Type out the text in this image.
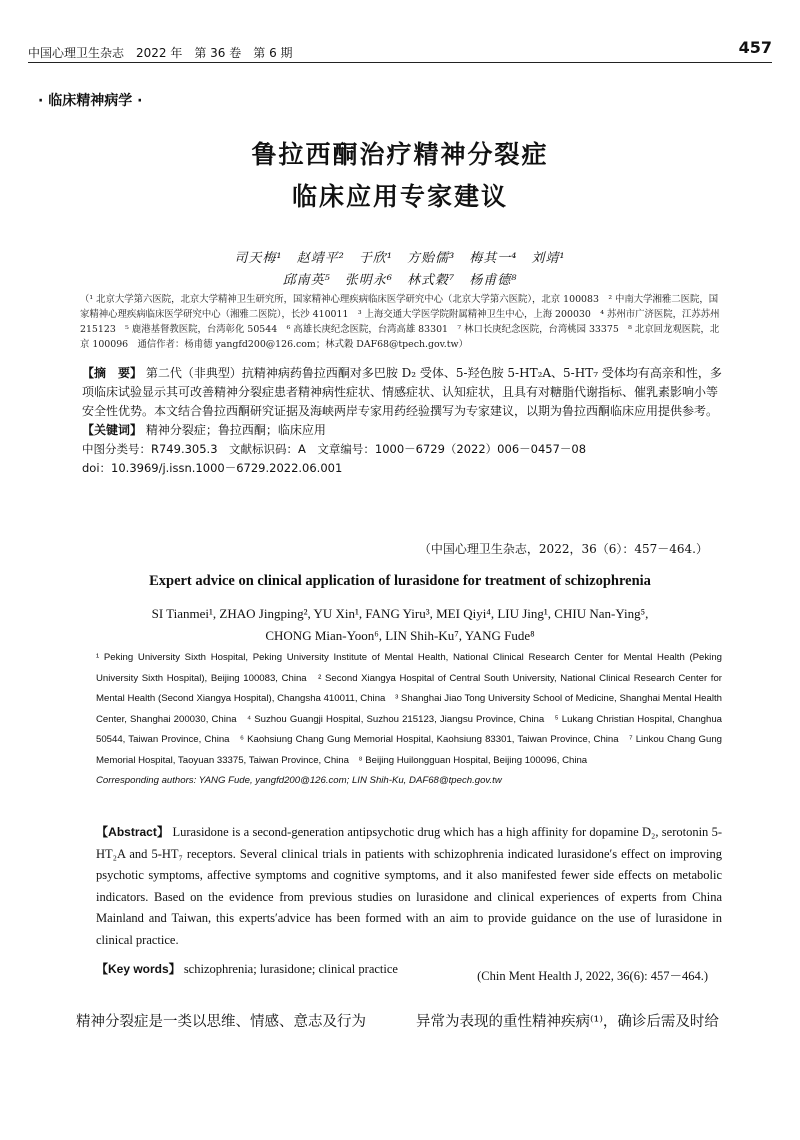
中国心理卫生杂志　2022 年　第 36 卷　第 6 期	457
· 临床精神病学 ·
鲁拉西酮治疗精神分裂症
临床应用专家建议
司天梅¹　赵靖平²　于欣¹　方贻儒³　梅其一⁴　刘靖¹
邱南英⁵　张明永⁶　林式穀⁷　杨甫德⁸
（¹ 北京大学第六医院，北京大学精神卫生研究所，国家精神心理疾病临床医学研究中心（北京大学第六医院），北京 100083　² 中南大学湘雅二医院，国家精神心理疾病临床医学研究中心（湘雅二医院），长沙 410011　³ 上海交通大学医学院附属精神卫生中心，上海 200030　⁴ 苏州市广济医院，江苏苏州 215123　⁵ 鹿港基督教医院，台湾彰化 50544　⁶ 高雄长庚纪念医院，台湾高雄 83301　⁷ 林口长庚纪念医院，台湾桃园 33375　⁸ 北京回龙观医院，北京 100096　通信作者：杨甫德 yangfd200@126.com；林式穀 DAF68@tpech.gov.tw）

【摘　要】 第二代（非典型）抗精神病药鲁拉西酮对多巴胺 D₂ 受体、5-羟色胺 5-HT₂A、5-HT₇ 受体均有高亲和性，多项临床试验显示其可改善精神分裂症患者精神病性症状、情感症状、认知症状，且具有对糖脂代谢指标、催乳素影响小等安全性优势。本文结合鲁拉西酮研究证据及海峡两岸专家用药经验撰写为专家建议，以期为鲁拉西酮临床应用提供参考。

【关键词】 精神分裂症；鲁拉西酮；临床应用

中图分类号：R749.305.3　文献标识码：A　文章编号：1000－6729（2022）006－0457－08

doi：10.3969/j.issn.1000－6729.2022.06.001

（中国心理卫生杂志，2022，36（6）：457－464.）
Expert advice on clinical application of lurasidone for treatment of schizophrenia
SI Tianmei¹, ZHAO Jingping², YU Xin¹, FANG Yiru³, MEI Qiyi⁴, LIU Jing¹, CHIU Nan-Ying⁵,
CHONG Mian-Yoon⁶, LIN Shih-Ku⁷, YANG Fude⁸
¹ Peking University Sixth Hospital, Peking University Institute of Mental Health, National Clinical Research Center for Mental Health (Peking University Sixth Hospital), Beijing 100083, China　² Second Xiangya Hospital of Central South University, National Clinical Research Center for Mental Health (Second Xiangya Hospital), Changsha 410011, China　³ Shanghai Jiao Tong University School of Medicine, Shanghai Mental Health Center, Shanghai 200030, China　⁴ Suzhou Guangji Hospital, Suzhou 215123, Jiangsu Province, China　⁵ Lukang Christian Hospital, Changhua 50544, Taiwan Province, China　⁶ Kaohsiung Chang Gung Memorial Hospital, Kaohsiung 83301, Taiwan Province, China　⁷ Linkou Chang Gung Memorial Hospital, Taoyuan 33375, Taiwan Province, China　⁸ Beijing Huilongguan Hospital, Beijing 100096, China
Corresponding authors: YANG Fude, yangfd200@126.com; LIN Shih-Ku, DAF68@tpech.gov.tw
【Abstract】 Lurasidone is a second-generation antipsychotic drug which has a high affinity for dopamine D₂, serotonin 5-HT₂A and 5-HT₇ receptors. Several clinical trials in patients with schizophrenia indicated lurasidone′s effect on improving psychotic symptoms, affective symptoms and cognitive symptoms, and it also manifested fewer side effects on metabolic indicators. Based on the evidence from previous studies on lurasidone and clinical experiences of experts from China Mainland and Taiwan, this experts′advice has been formed with an aim to provide guidance on the use of lurasidone in clinical practice.
【Key words】 schizophrenia; lurasidone; clinical practice	(Chin Ment Health J, 2022, 36(6): 457－464.)
精神分裂症是一类以思维、情感、意志及行为	异常为表现的重性精神疾病⁽¹⁾，确诊后需及时给
